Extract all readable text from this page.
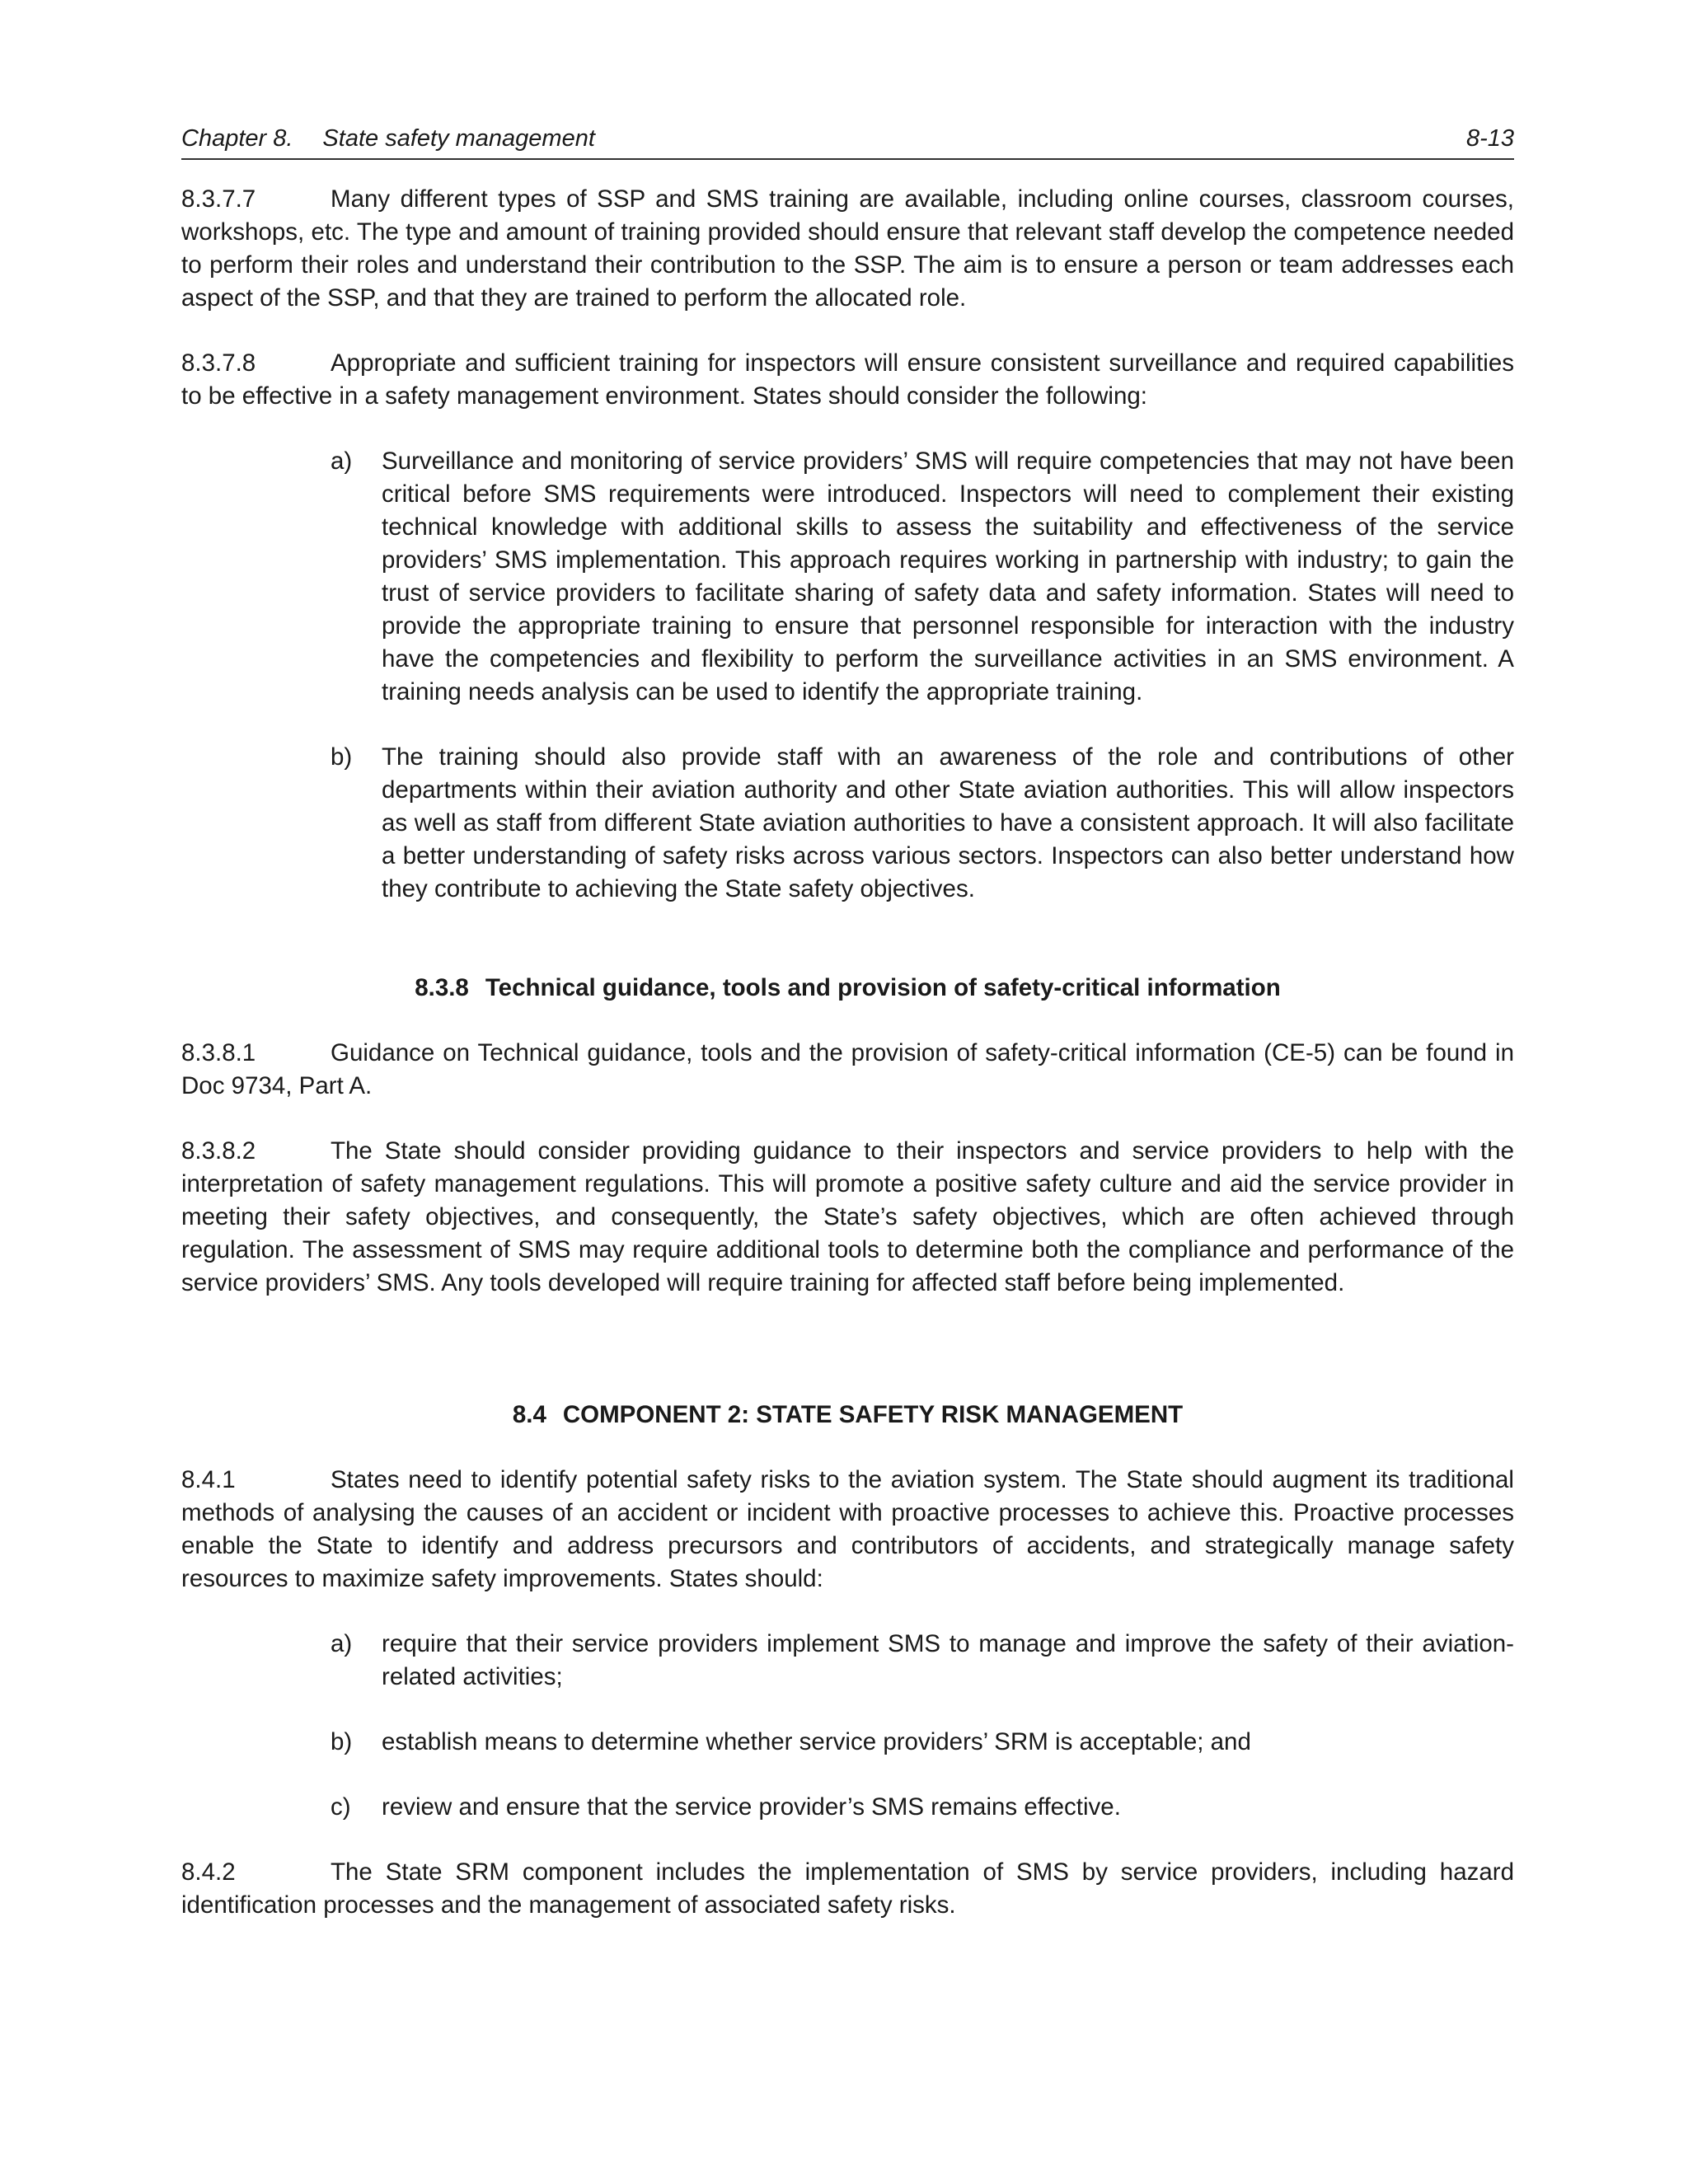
Chapter 8. State safety management	8-13

8.3.7.7	Many different types of SSP and SMS training are available, including online courses, classroom courses, workshops, etc. The type and amount of training provided should ensure that relevant staff develop the competence needed to perform their roles and understand their contribution to the SSP. The aim is to ensure a person or team addresses each aspect of the SSP, and that they are trained to perform the allocated role.

8.3.7.8	Appropriate and sufficient training for inspectors will ensure consistent surveillance and required capabilities to be effective in a safety management environment. States should consider the following:

a)	Surveillance and monitoring of service providers’ SMS will require competencies that may not have been critical before SMS requirements were introduced. Inspectors will need to complement their existing technical knowledge with additional skills to assess the suitability and effectiveness of the service providers’ SMS implementation. This approach requires working in partnership with industry; to gain the trust of service providers to facilitate sharing of safety data and safety information. States will need to provide the appropriate training to ensure that personnel responsible for interaction with the industry have the competencies and flexibility to perform the surveillance activities in an SMS environment. A training needs analysis can be used to identify the appropriate training.
b)	The training should also provide staff with an awareness of the role and contributions of other departments within their aviation authority and other State aviation authorities. This will allow inspectors as well as staff from different State aviation authorities to have a consistent approach. It will also facilitate a better understanding of safety risks across various sectors. Inspectors can also better understand how they contribute to achieving the State safety objectives.

8.3.8 Technical guidance, tools and provision of safety-critical information

8.3.8.1	Guidance on Technical guidance, tools and the provision of safety-critical information (CE-5) can be found in Doc 9734, Part A.

8.3.8.2	The State should consider providing guidance to their inspectors and service providers to help with the interpretation of safety management regulations. This will promote a positive safety culture and aid the service provider in meeting their safety objectives, and consequently, the State’s safety objectives, which are often achieved through regulation. The assessment of SMS may require additional tools to determine both the compliance and performance of the service providers’ SMS. Any tools developed will require training for affected staff before being implemented.

8.4 COMPONENT 2: STATE SAFETY RISK MANAGEMENT

8.4.1	States need to identify potential safety risks to the aviation system. The State should augment its traditional methods of analysing the causes of an accident or incident with proactive processes to achieve this. Proactive processes enable the State to identify and address precursors and contributors of accidents, and strategically manage safety resources to maximize safety improvements. States should:

a)	require that their service providers implement SMS to manage and improve the safety of their aviation-related activities;
b)	establish means to determine whether service providers’ SRM is acceptable; and
c)	review and ensure that the service provider’s SMS remains effective.

8.4.2	The State SRM component includes the implementation of SMS by service providers, including hazard identification processes and the management of associated safety risks.
